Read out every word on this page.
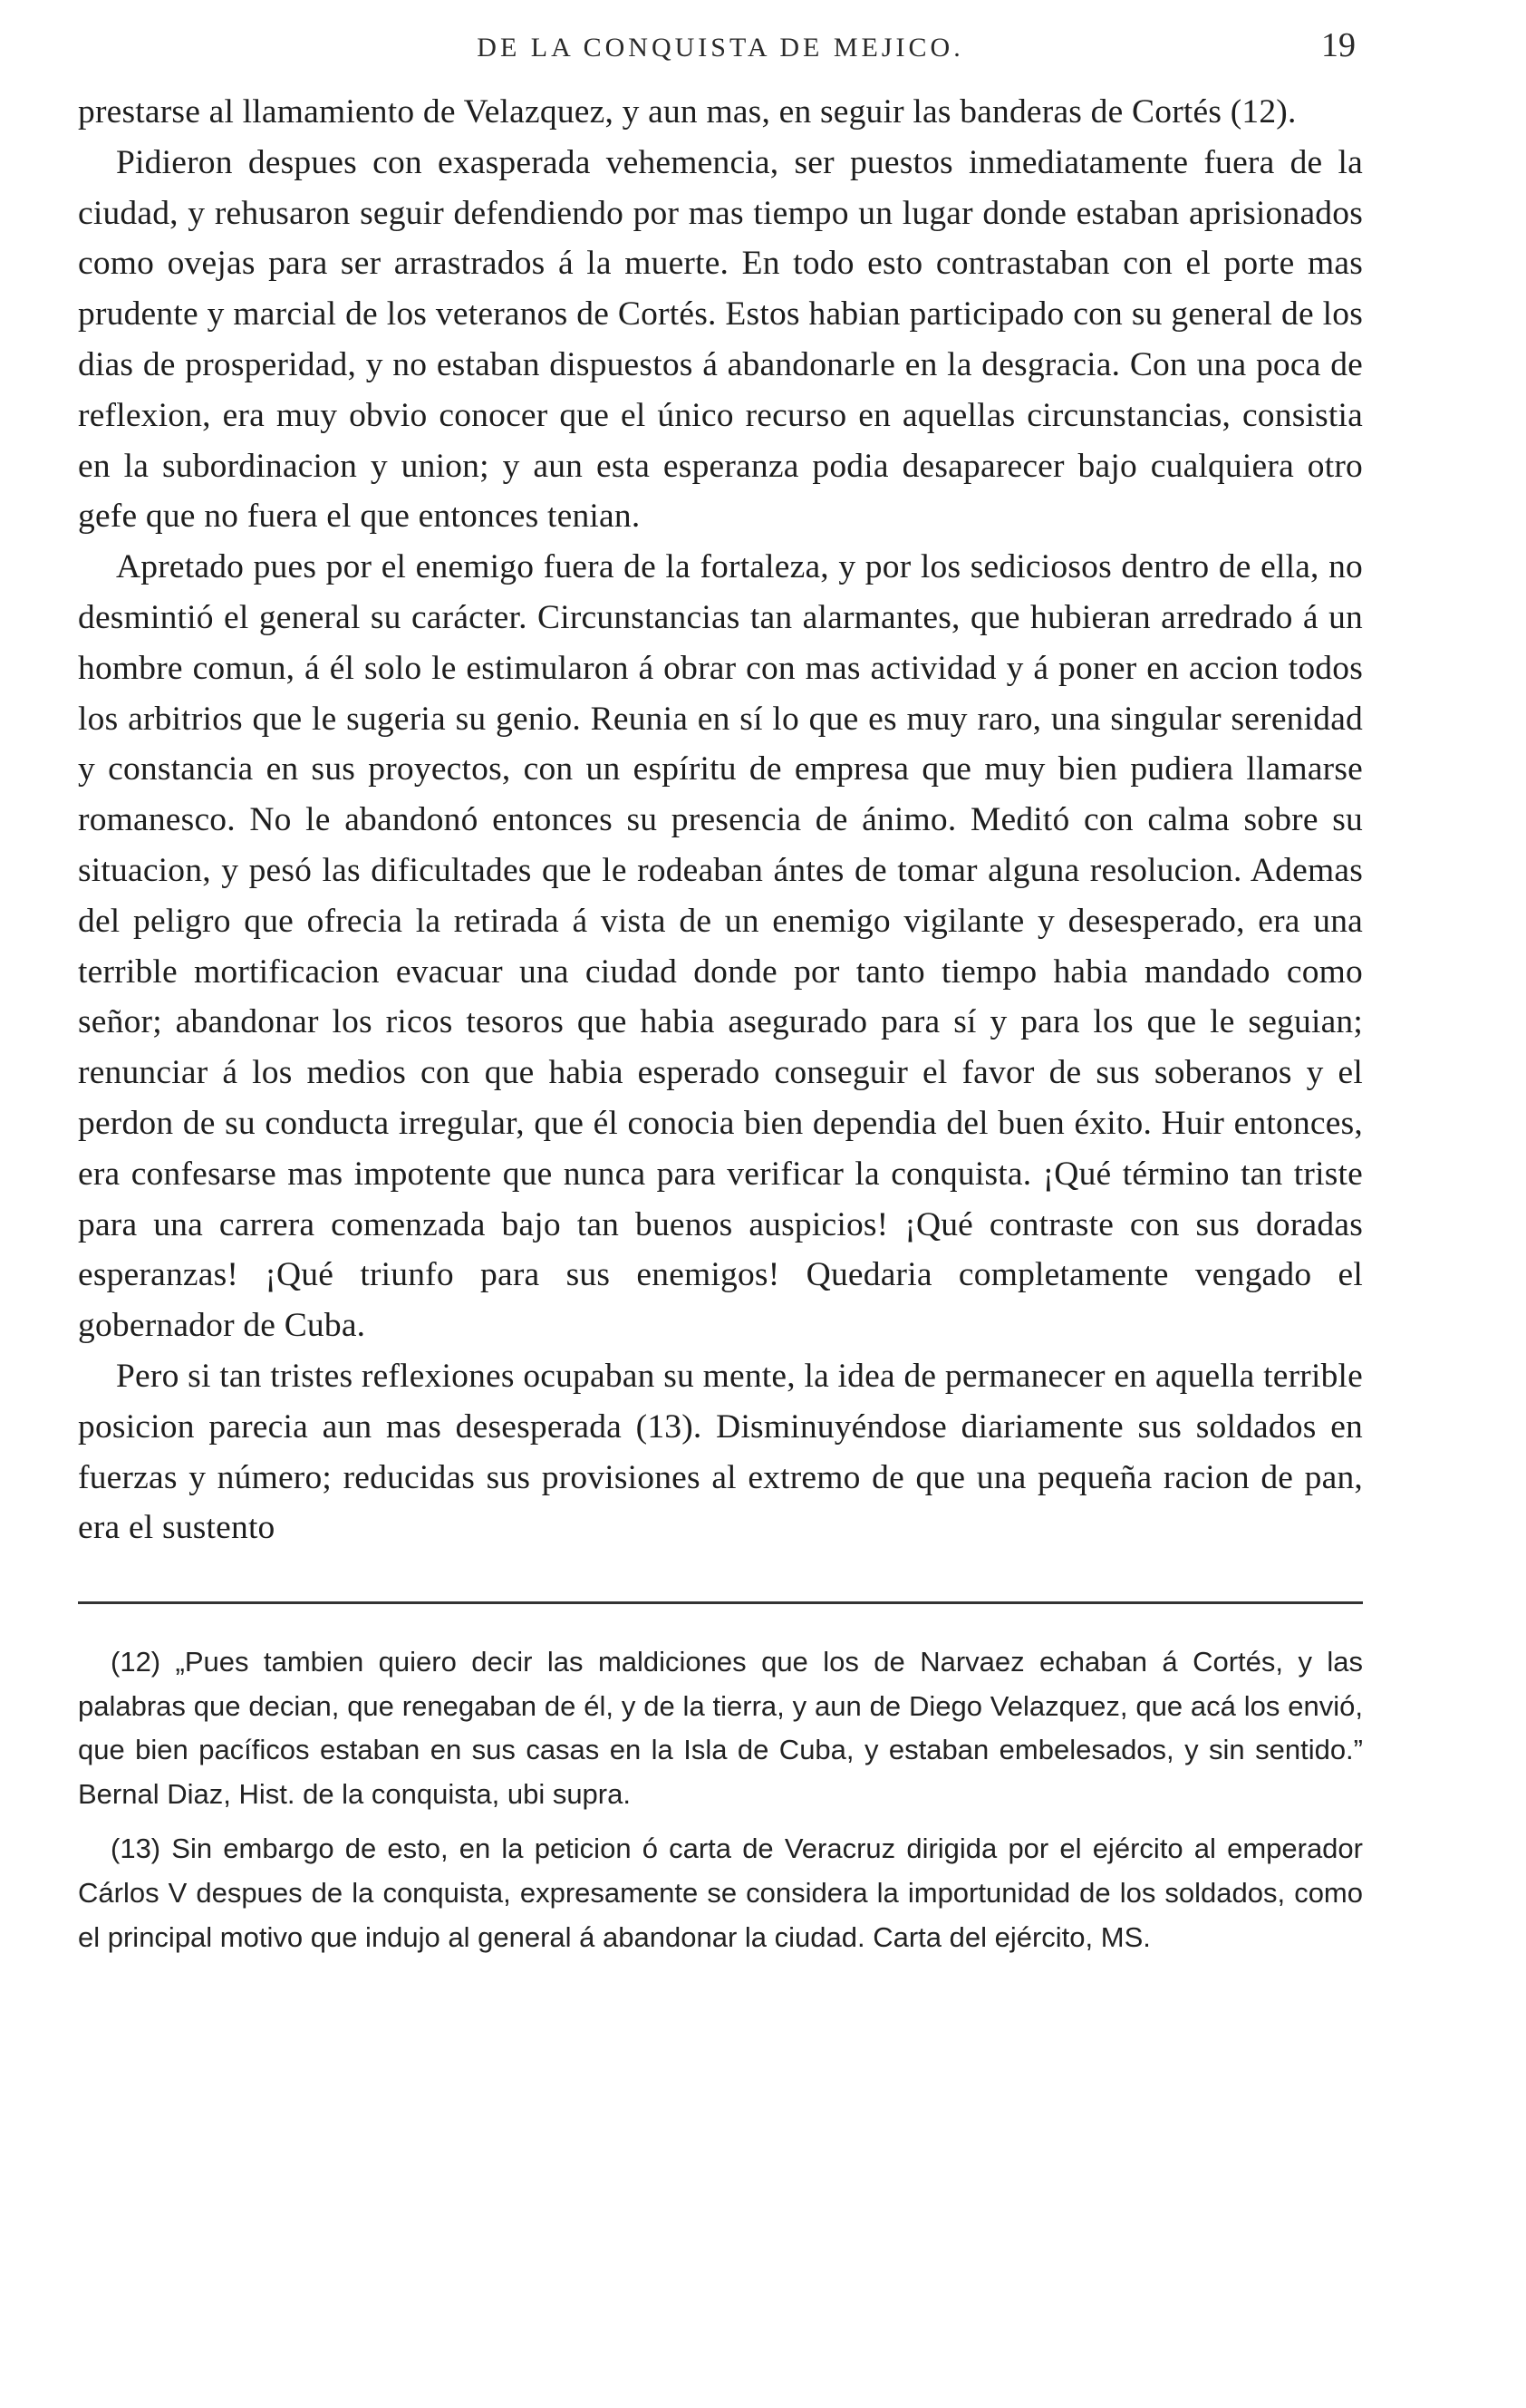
DE LA CONQUISTA DE MEJICO.	19

prestarse al llamamiento de Velazquez, y aun mas, en seguir las banderas de Cortés (12).

Pidieron despues con exasperada vehemencia, ser puestos inmediatamente fuera de la ciudad, y rehusaron seguir defendiendo por mas tiempo un lugar donde estaban aprisionados como ovejas para ser arrastrados á la muerte. En todo esto contrastaban con el porte mas prudente y marcial de los veteranos de Cortés. Estos habian participado con su general de los dias de prosperidad, y no estaban dispuestos á abandonarle en la desgracia. Con una poca de reflexion, era muy obvio conocer que el único recurso en aquellas circunstancias, consistia en la subordinacion y union; y aun esta esperanza podia desaparecer bajo cualquiera otro gefe que no fuera el que entonces tenian.

Apretado pues por el enemigo fuera de la fortaleza, y por los sediciosos dentro de ella, no desmintió el general su carácter. Circunstancias tan alarmantes, que hubieran arredrado á un hombre comun, á él solo le estimularon á obrar con mas actividad y á poner en accion todos los arbitrios que le sugeria su genio. Reunia en sí lo que es muy raro, una singular serenidad y constancia en sus proyectos, con un espíritu de empresa que muy bien pudiera llamarse romanesco. No le abandonó entonces su presencia de ánimo. Meditó con calma sobre su situacion, y pesó las dificultades que le rodeaban ántes de tomar alguna resolucion. Ademas del peligro que ofrecia la retirada á vista de un enemigo vigilante y desesperado, era una terrible mortificacion evacuar una ciudad donde por tanto tiempo habia mandado como señor; abandonar los ricos tesoros que habia asegurado para sí y para los que le seguian; renunciar á los medios con que habia esperado conseguir el favor de sus soberanos y el perdon de su conducta irregular, que él conocia bien dependia del buen éxito. Huir entonces, era confesarse mas impotente que nunca para verificar la conquista. ¡Qué término tan triste para una carrera comenzada bajo tan buenos auspicios! ¡Qué contraste con sus doradas esperanzas! ¡Qué triunfo para sus enemigos! Quedaria completamente vengado el gobernador de Cuba.

Pero si tan tristes reflexiones ocupaban su mente, la idea de permanecer en aquella terrible posicion parecia aun mas desesperada (13). Disminuyéndose diariamente sus soldados en fuerzas y número; reducidas sus provisiones al extremo de que una pequeña racion de pan, era el sustento

(12) „Pues tambien quiero decir las maldiciones que los de Narvaez echaban á Cortés, y las palabras que decian, que renegaban de él, y de la tierra, y aun de Diego Velazquez, que acá los envió, que bien pacíficos estaban en sus casas en la Isla de Cuba, y estaban embelesados, y sin sentido.” Bernal Diaz, Hist. de la conquista, ubi supra.

(13) Sin embargo de esto, en la peticion ó carta de Veracruz dirigida por el ejército al emperador Cárlos V despues de la conquista, expresamente se considera la importunidad de los soldados, como el principal motivo que indujo al general á abandonar la ciudad. Carta del ejército, MS.
